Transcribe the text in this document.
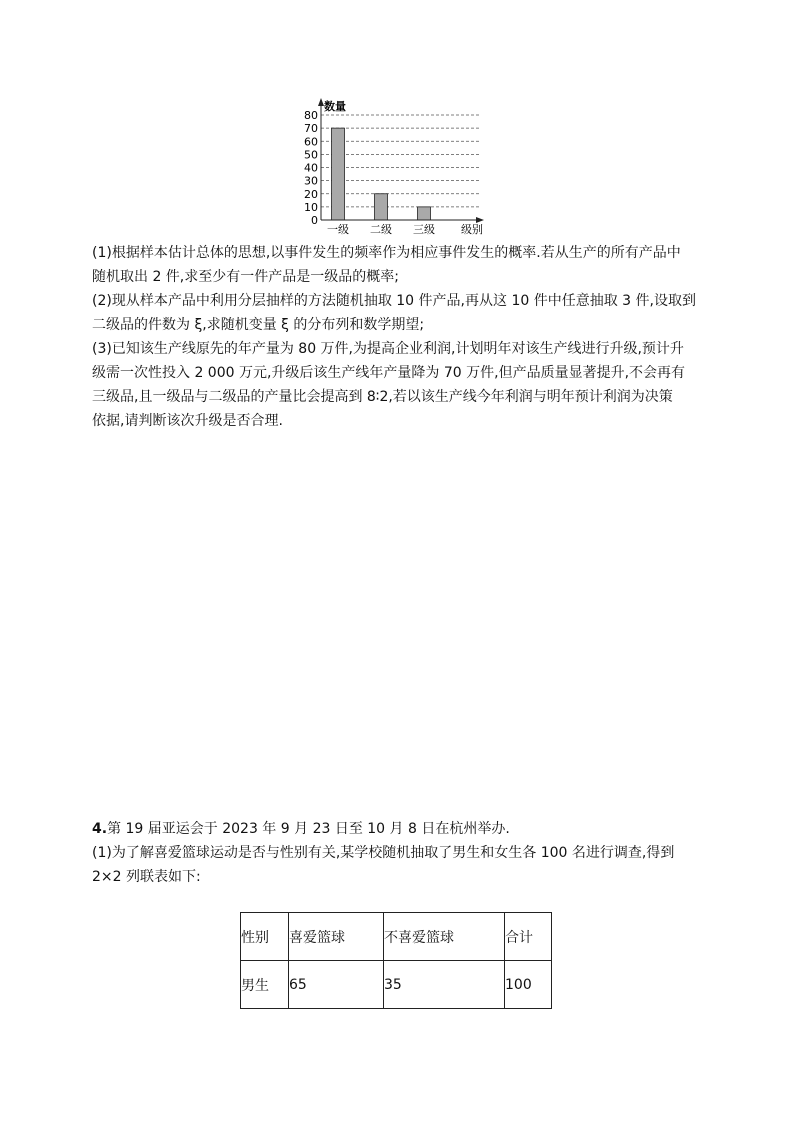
0
10
20
30
40
50
60
70
80
一级 二级 三级
数量
级别

(1)根据样本估计总体的思想,以事件发生的频率作为相应事件发生的概率.若从生产的所有产品中

随机取出 2 件,求至少有一件产品是一级品的概率;

(2)现从样本产品中利用分层抽样的方法随机抽取 10 件产品,再从这 10 件中任意抽取 3 件,设取到

二级品的件数为 ξ,求随机变量 ξ 的分布列和数学期望;

(3)已知该生产线原先的年产量为 80 万件,为提高企业利润,计划明年对该生产线进行升级,预计升

级需一次性投入 2 000 万元,升级后该生产线年产量降为 70 万件,但产品质量显著提升,不会再有

三级品,且一级品与二级品的产量比会提高到 8∶2,若以该生产线今年利润与明年预计利润为决策

依据,请判断该次升级是否合理.

4.第 19 届亚运会于 2023 年 9 月 23 日至 10 月 8 日在杭州举办.

(1)为了解喜爱篮球运动是否与性别有关,某学校随机抽取了男生和女生各 100 名进行调查,得到

2×2 列联表如下:

性别	喜爱篮球	不喜爱篮球	合计
男生	65	35	100
